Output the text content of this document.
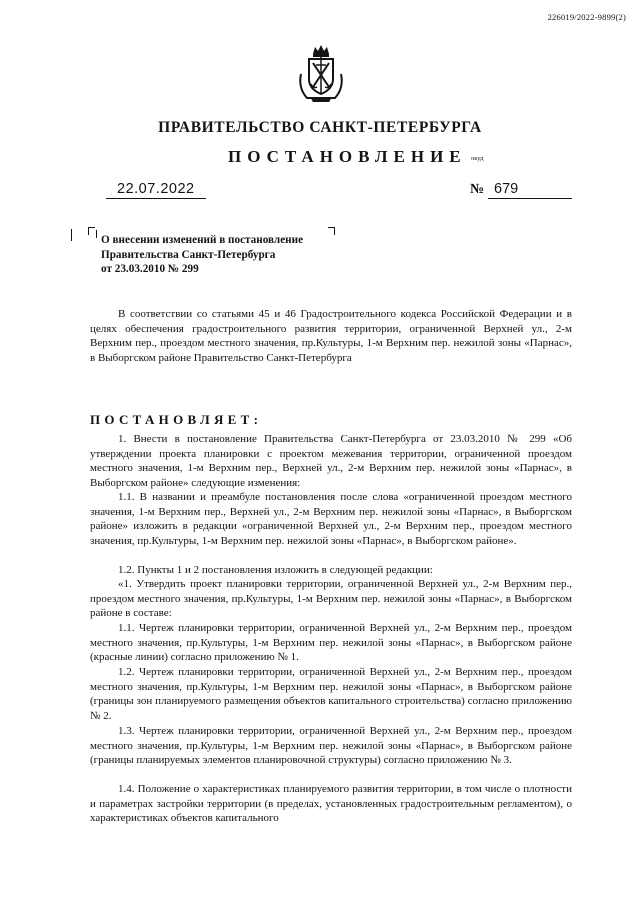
226019/2022-9899(2)
ПРАВИТЕЛЬСТВО САНКТ-ПЕТЕРБУРГА
ПОСТАНОВЛЕНИЕ окуд
22.07.2022	№ 679
О внесении изменений в постановление
Правительства Санкт-Петербурга
от 23.03.2010 № 299
В соответствии со статьями 45 и 46 Градостроительного кодекса Российской Федерации и в целях обеспечения градостроительного развития территории, ограниченной Верхней ул., 2-м Верхним пер., проездом местного значения, пр.Культуры, 1-м Верхним пер. нежилой зоны «Парнас», в Выборгском районе Правительство Санкт-Петербурга
ПОСТАНОВЛЯЕТ:
1. Внести в постановление Правительства Санкт-Петербурга от 23.03.2010 № 299 «Об утверждении проекта планировки с проектом межевания территории, ограниченной проездом местного значения, 1-м Верхним пер., Верхней ул., 2-м Верхним пер. нежилой зоны «Парнас», в Выборгском районе» следующие изменения:
1.1. В названии и преамбуле постановления после слова «ограниченной проездом местного значения, 1-м Верхним пер., Верхней ул., 2-м Верхним пер. нежилой зоны «Парнас», в Выборгском районе» изложить в редакции «ограниченной Верхней ул., 2-м Верхним пер., проездом местного значения, пр.Культуры, 1-м Верхним пер. нежилой зоны «Парнас», в Выборгском районе».
1.2. Пункты 1 и 2 постановления изложить в следующей редакции:
«1. Утвердить проект планировки территории, ограниченной Верхней ул., 2-м Верхним пер., проездом местного значения, пр.Культуры, 1-м Верхним пер. нежилой зоны «Парнас», в Выборгском районе в составе:
1.1. Чертеж планировки территории, ограниченной Верхней ул., 2-м Верхним пер., проездом местного значения, пр.Культуры, 1-м Верхним пер. нежилой зоны «Парнас», в Выборгском районе (красные линии) согласно приложению № 1.
1.2. Чертеж планировки территории, ограниченной Верхней ул., 2-м Верхним пер., проездом местного значения, пр.Культуры, 1-м Верхним пер. нежилой зоны «Парнас», в Выборгском районе (границы зон планируемого размещения объектов капитального строительства) согласно приложению № 2.
1.3. Чертеж планировки территории, ограниченной Верхней ул., 2-м Верхним пер., проездом местного значения, пр.Культуры, 1-м Верхним пер. нежилой зоны «Парнас», в Выборгском районе (границы планируемых элементов планировочной структуры) согласно приложению № 3.
1.4. Положение о характеристиках планируемого развития территории, в том числе о плотности и параметрах застройки территории (в пределах, установленных градостроительным регламентом), о характеристиках объектов капитального
